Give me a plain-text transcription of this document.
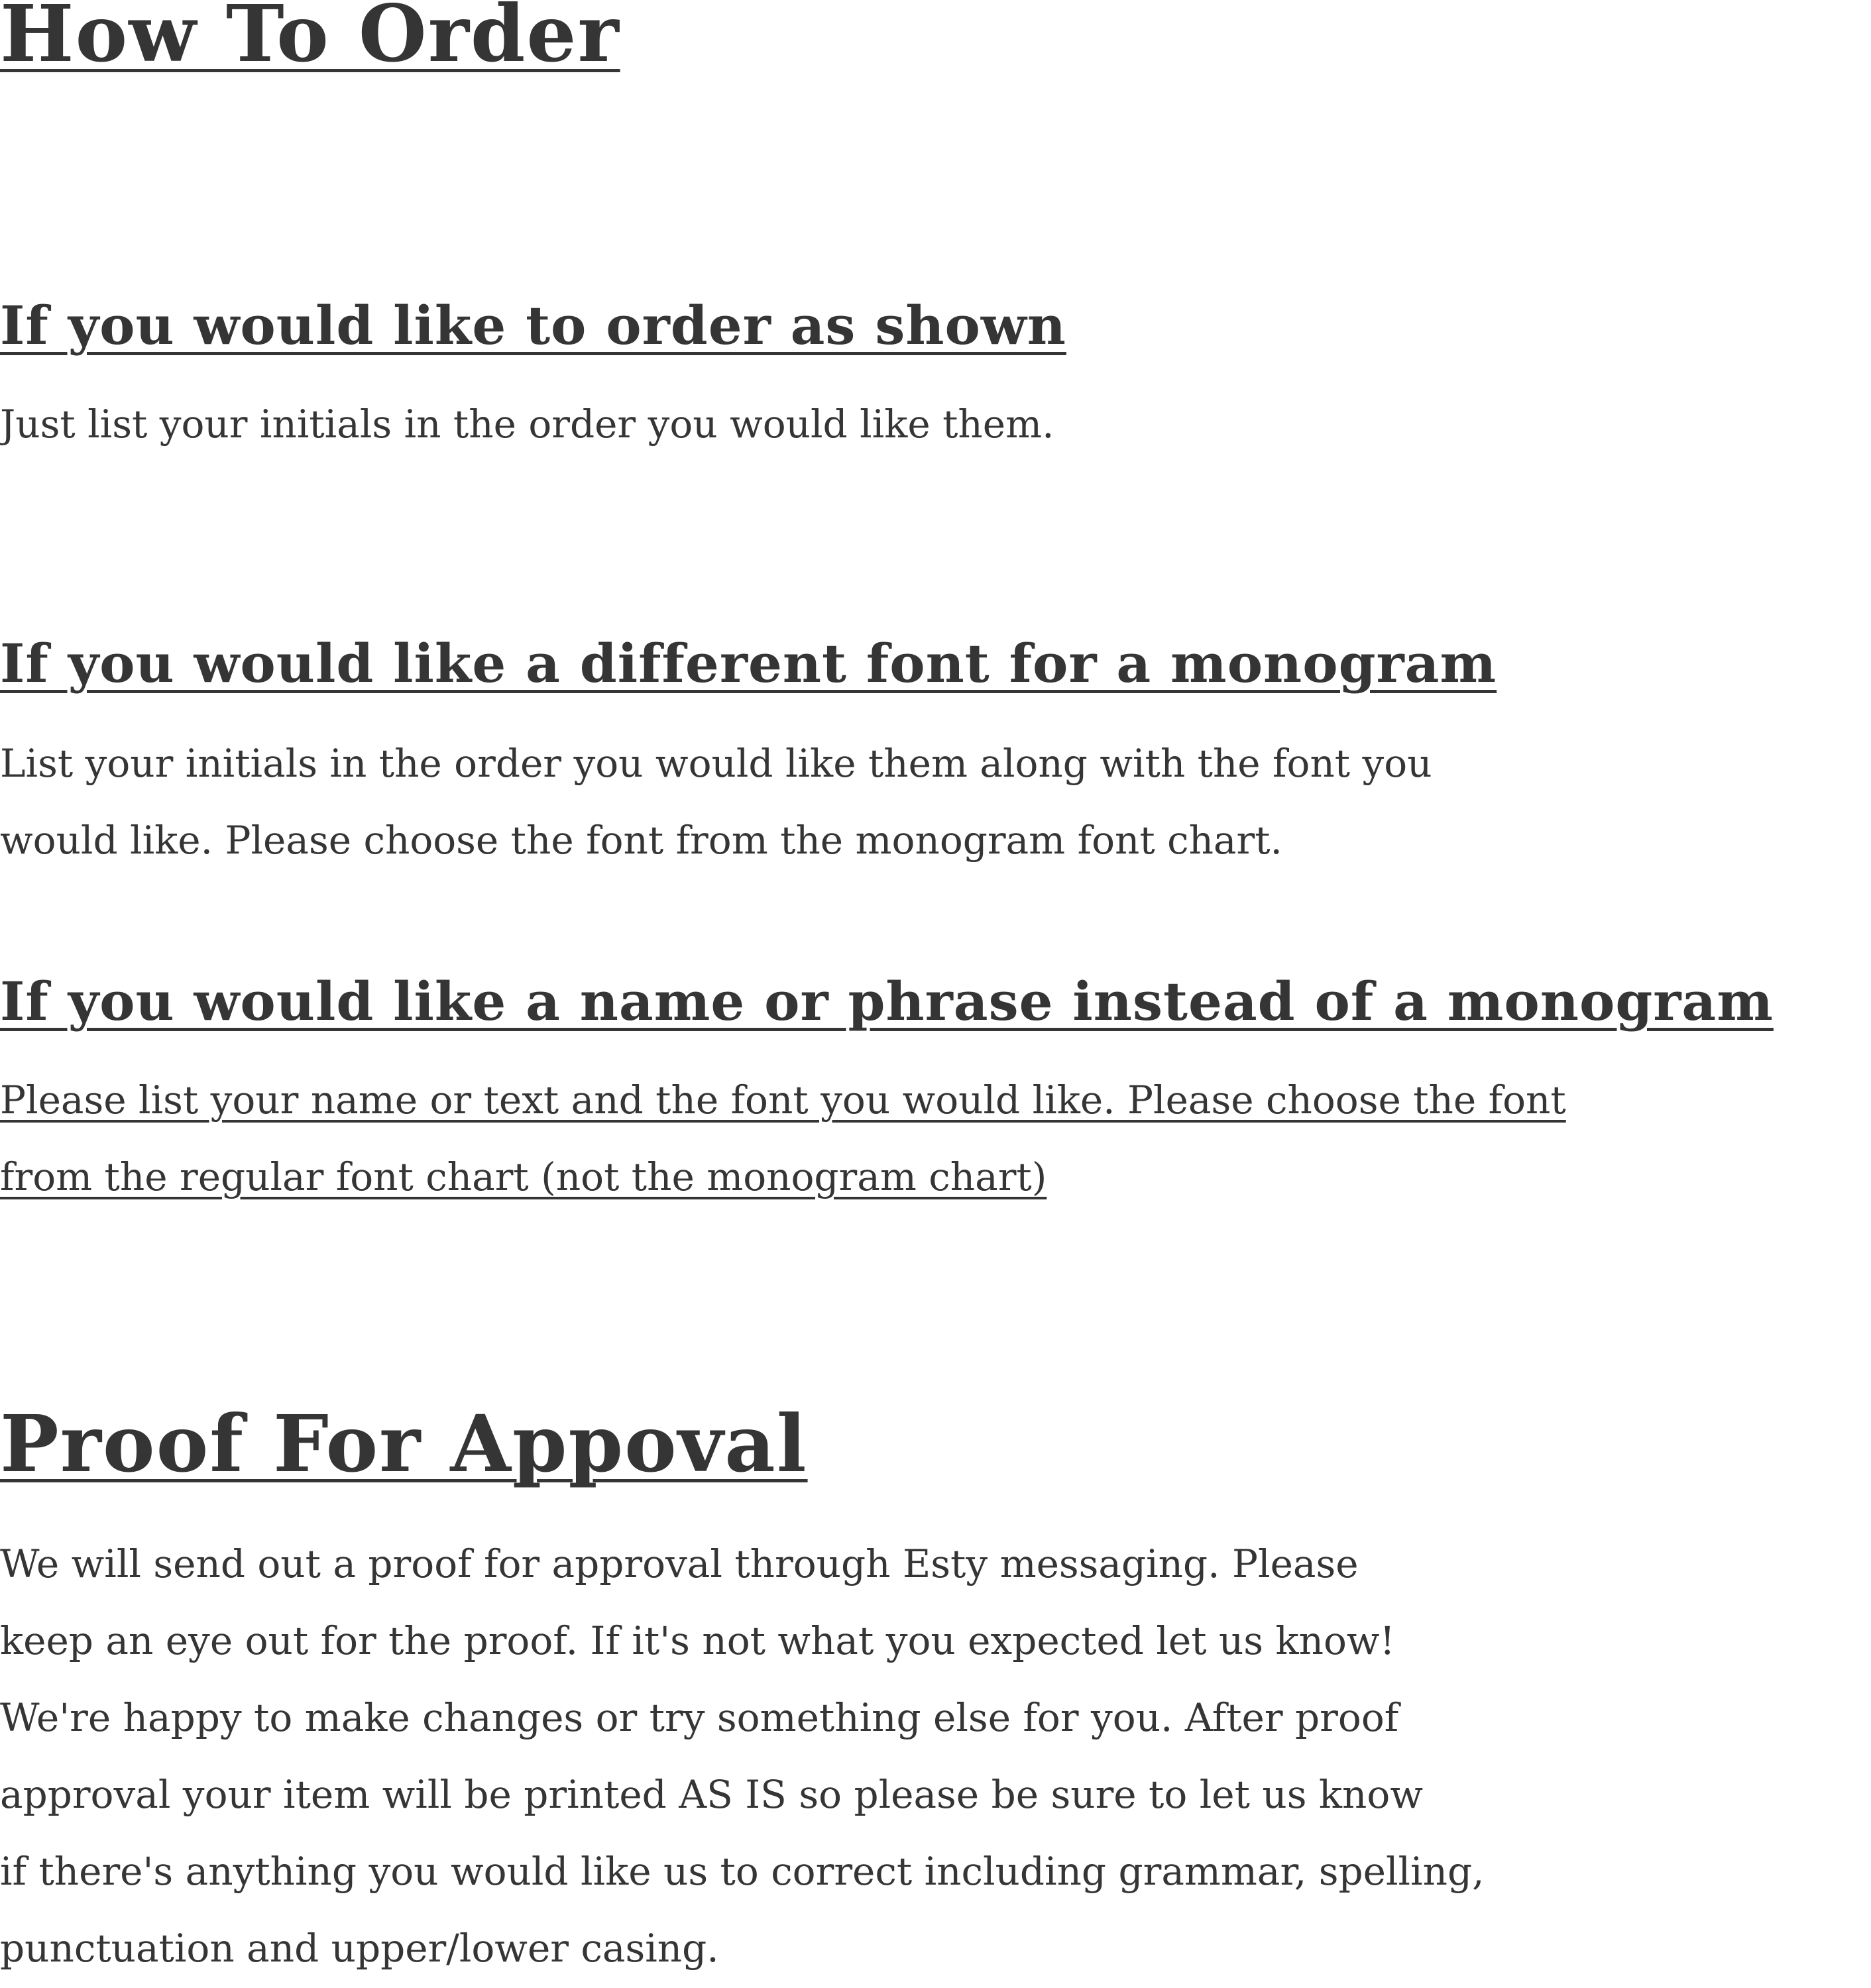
How To Order
If you would like to order as shown

Just list your initials in the order you would like them.

If you would like a different font for a monogram

List your initials in the order you would like them along with the font you
would like. Please choose the font from the monogram font chart.

If you would like a name or phrase instead of a monogram

Please list your name or text and the font you would like. Please choose the font
from the regular font chart (not the monogram chart)

Proof For Appoval

We will send out a proof for approval through Esty messaging. Please
keep an eye out for the proof. If it's not what you expected let us know!
We're happy to make changes or try something else for you. After proof
approval your item will be printed AS IS so please be sure to let us know
if there's anything you would like us to correct including grammar, spelling,
punctuation and upper/lower casing.
